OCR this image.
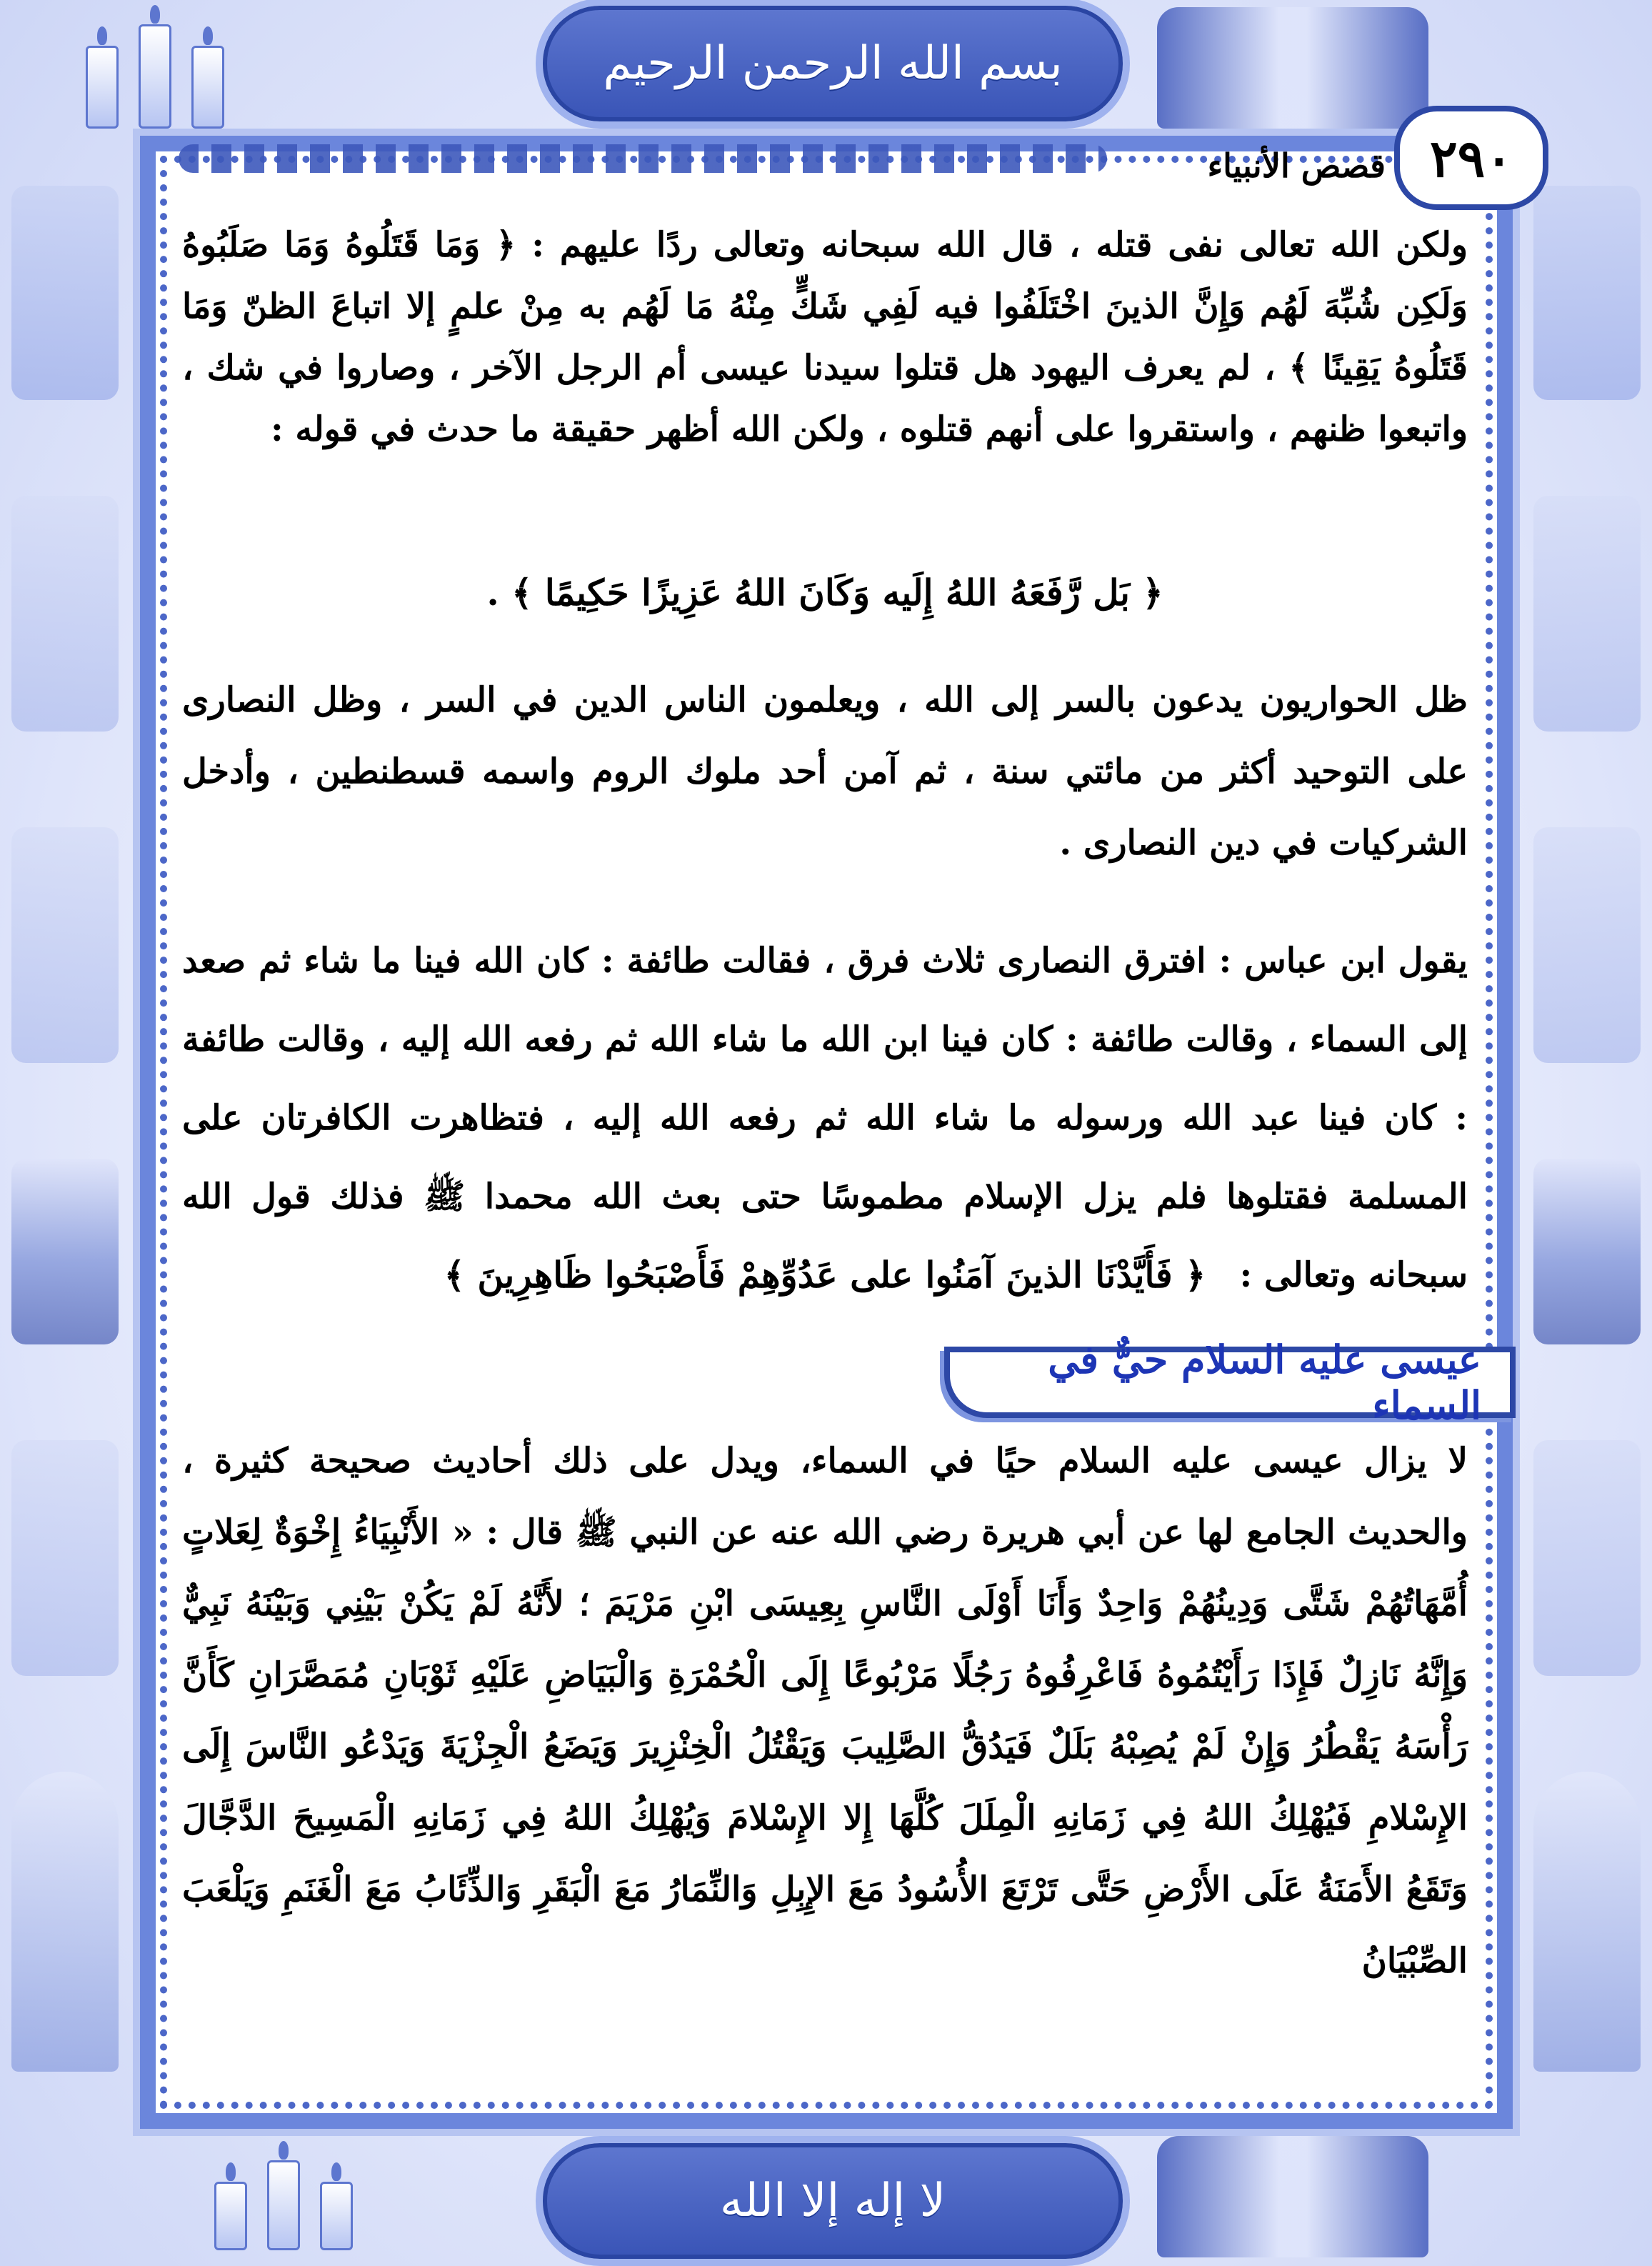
بسم الله الرحمن الرحيم
قصص الأنبياء ٢٩٠
ولكن الله تعالى نفى قتله ، قال الله سبحانه وتعالى ردًا عليهم : ﴿ وَمَا قَتَلُوهُ وَمَا صَلَبُوهُ وَلَكِن شُبِّهَ لَهُم وَإِنَّ الذينَ اخْتَلَفُوا فيه لَفِي شَكٍّ مِنْهُ مَا لَهُم به مِنْ علمٍ إلا اتباعَ الظنّ وَمَا قَتَلُوهُ يَقِينًا ﴾ ، لم يعرف اليهود هل قتلوا سيدنا عيسى أم الرجل الآخر ، وصاروا في شك ، واتبعوا ظنهم ، واستقروا على أنهم قتلوه ، ولكن الله أظهر حقيقة ما حدث في قوله :
﴿ بَل رَّفَعَهُ اللهُ إِلَيه وَكَانَ اللهُ عَزِيزًا حَكِيمًا ﴾ .
ظل الحواريون يدعون بالسر إلى الله ، ويعلمون الناس الدين في السر ، وظل النصارى على التوحيد أكثر من مائتي سنة ، ثم آمن أحد ملوك الروم واسمه قسطنطين ، وأدخل الشركيات في دين النصارى .
يقول ابن عباس : افترق النصارى ثلاث فرق ، فقالت طائفة : كان الله فينا ما شاء ثم صعد إلى السماء ، وقالت طائفة : كان فينا ابن الله ما شاء الله ثم رفعه الله إليه ، وقالت طائفة : كان فينا عبد الله ورسوله ما شاء الله ثم رفعه الله إليه ، فتظاهرت الكافرتان على المسلمة فقتلوها فلم يزل الإسلام مطموسًا حتى بعث الله محمدا ﷺ فذلك قول الله سبحانه وتعالى :
﴿ فَأَيَّدْنَا الذينَ آمَنُوا على عَدُوِّهِمْ فَأَصْبَحُوا ظَاهِرِينَ ﴾
عيسى عليه السلام حيٌّ في السماء
لا يزال عيسى عليه السلام حيًا في السماء، ويدل على ذلك أحاديث صحيحة كثيرة ، والحديث الجامع لها عن أبي هريرة رضي الله عنه عن النبي ﷺ قال : « الأَنْبِيَاءُ إِخْوَةٌ لِعَلاتٍ أُمَّهَاتُهُمْ شَتَّى وَدِينُهُمْ وَاحِدٌ وَأَنَا أَوْلَى النَّاسِ بِعِيسَى ابْنِ مَرْيَمَ ؛ لأَنَّهُ لَمْ يَكُنْ بَيْنِي وَبَيْنَهُ نَبِيٌّ وَإِنَّهُ نَازِلٌ فَإِذَا رَأَيْتُمُوهُ فَاعْرِفُوهُ رَجُلًا مَرْبُوعًا إِلَى الْحُمْرَةِ وَالْبَيَاضِ عَلَيْهِ ثَوْبَانِ مُمَصَّرَانِ كَأَنَّ رَأْسَهُ يَقْطُرُ وَإِنْ لَمْ يُصِبْهُ بَلَلٌ فَيَدُقُّ الصَّلِيبَ وَيَقْتُلُ الْخِنْزِيرَ وَيَضَعُ الْجِزْيَةَ وَيَدْعُو النَّاسَ إِلَى الإِسْلامِ فَيُهْلِكُ اللهُ فِي زَمَانِهِ الْمِلَلَ كُلَّهَا إِلا الإِسْلامَ وَيُهْلِكُ اللهُ فِي زَمَانِهِ الْمَسِيحَ الدَّجَّالَ وَتَقَعُ الأَمَنَةُ عَلَى الأَرْضِ حَتَّى تَرْتَعَ الأُسُودُ مَعَ الإِبِلِ وَالنِّمَارُ مَعَ الْبَقَرِ وَالذِّئَابُ مَعَ الْغَنَمِ وَيَلْعَبَ الصِّبْيَانُ
لا إله إلا الله
